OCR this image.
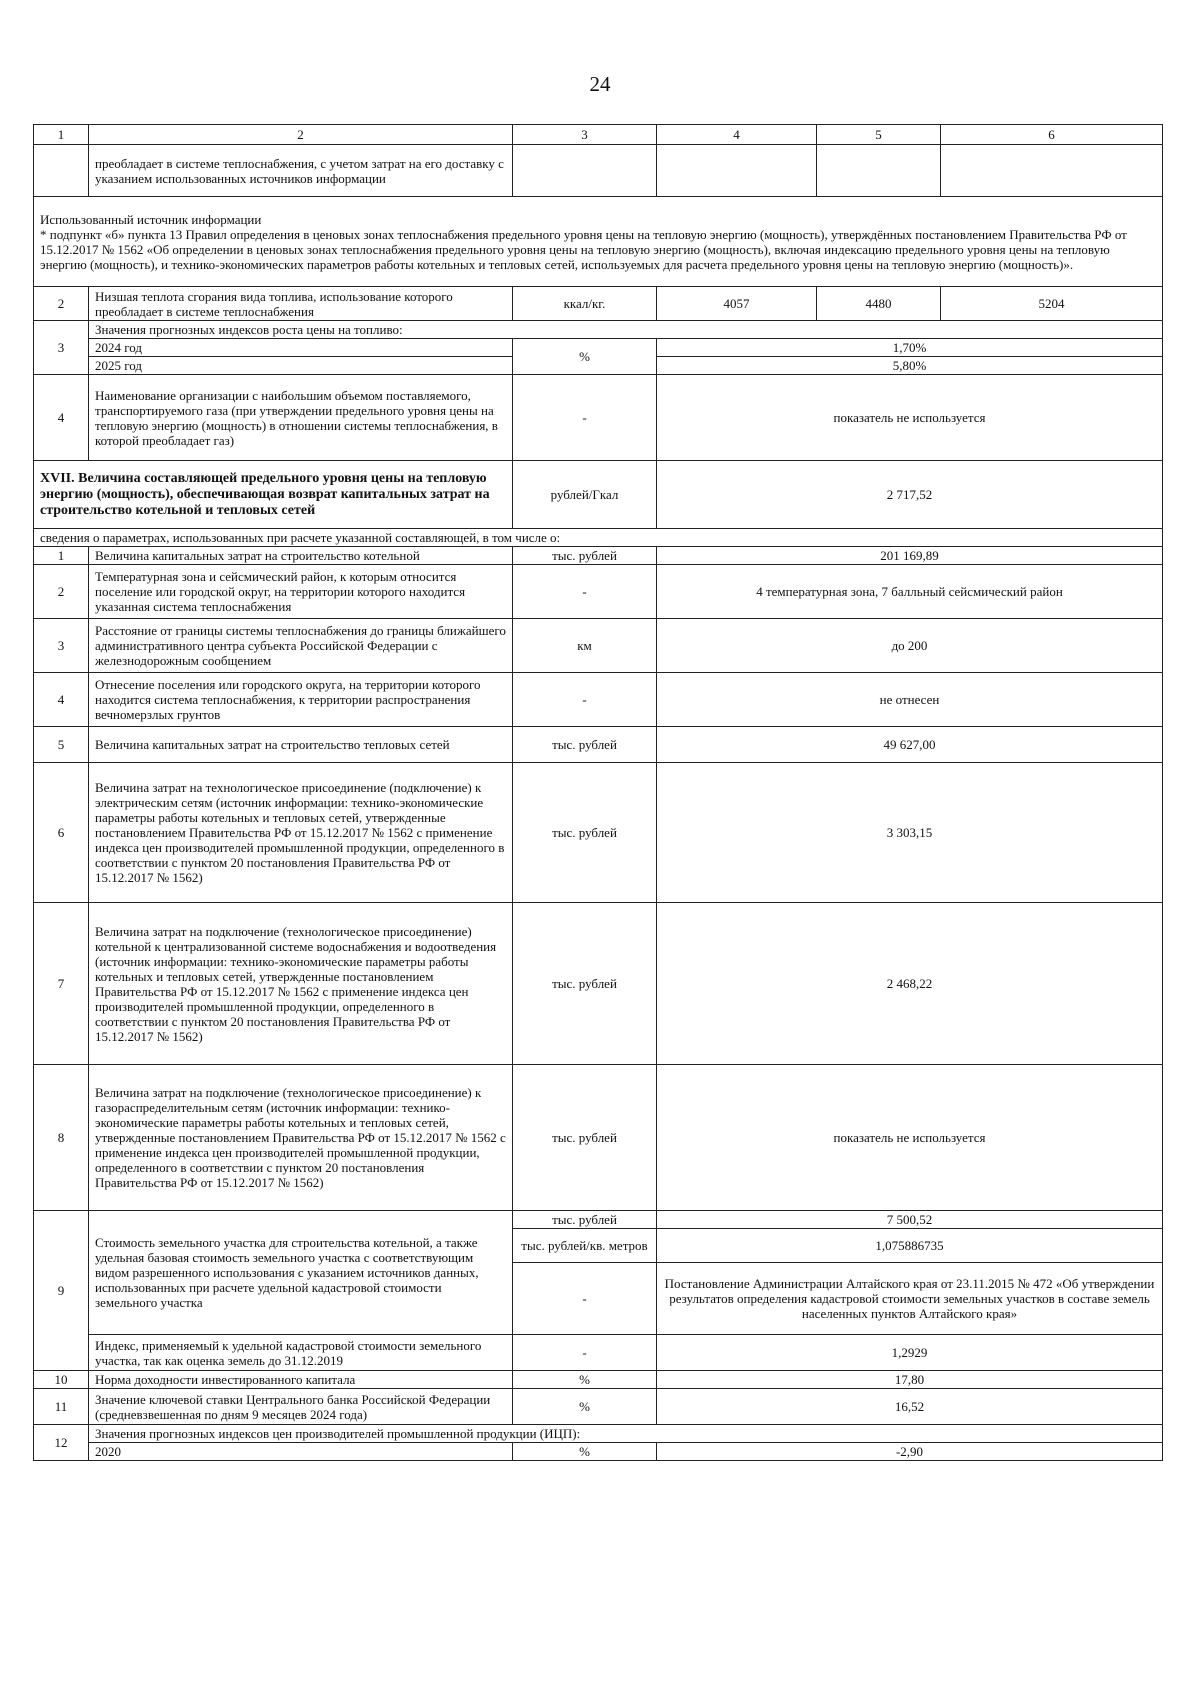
24
1	2	3	4	5	6
	преобладает в системе теплоснабжения, с учетом затрат на его доставку с указанием использованных источников информации				

Использованный источник информации
* подпункт «б» пункта 13 Правил определения в ценовых зонах теплоснабжения предельного уровня цены на тепловую энергию (мощность), утверждённых постановлением Правительства РФ от 15.12.2017 № 1562 «Об определении в ценовых зонах теплоснабжения предельного уровня цены на тепловую энергию (мощность), включая индексацию предельного уровня цены на тепловую энергию (мощность), и технико-экономических параметров работы котельных и тепловых сетей, используемых для расчета предельного уровня цены на тепловую энергию (мощность)».					

2	Низшая теплота сгорания вида топлива, использование которого преобладает в системе теплоснабжения	ккал/кг.	4057	4480	5204
3	Значения прогнозных индексов роста цены на топливо:				
	2024 год	%	1,70%		
	2025 год		5,80%		
4	Наименование организации с наибольшим объемом поставляемого, транспортируемого газа (при утверждении предельного уровня цены на тепловую энергию (мощность) в отношении системы теплоснабжения, в которой преобладает газ)	-	показатель не используется		
XVII. Величина составляющей предельного уровня цены на тепловую энергию (мощность), обеспечивающая возврат капитальных затрат на строительство котельной и тепловых сетей		рублей/Гкал	2 717,52		
сведения о параметрах, использованных при расчете указанной составляющей, в том числе о:					
1	Величина капитальных затрат на строительство котельной	тыс. рублей	201 169,89		
2	Температурная зона и сейсмический район, к которым относится поселение или городской округ, на территории которого находится указанная система теплоснабжения	-	4 температурная зона, 7 балльный сейсмический район		
3	Расстояние от границы системы теплоснабжения до границы ближайшего административного центра субъекта Российской Федерации с железнодорожным сообщением	км	до 200		
4	Отнесение поселения или городского округа, на территории которого находится система теплоснабжения, к территории распространения вечномерзлых грунтов	-	не отнесен		
5	Величина капитальных затрат на строительство тепловых сетей	тыс. рублей	49 627,00		
6	Величина затрат на технологическое присоединение (подключение) к электрическим сетям (источник информации: технико-экономические параметры работы котельных и тепловых сетей, утвержденные постановлением Правительства РФ от 15.12.2017 № 1562 с применение индекса цен производителей промышленной продукции, определенного в соответствии с пунктом 20 постановления Правительства РФ от 15.12.2017 № 1562)	тыс. рублей	3 303,15		
7	Величина затрат на подключение (технологическое присоединение) котельной к централизованной системе водоснабжения и водоотведения (источник информации: технико-экономические параметры работы котельных и тепловых сетей, утвержденные постановлением Правительства РФ от 15.12.2017 № 1562 с применение индекса цен производителей промышленной продукции, определенного в соответствии с пунктом 20 постановления Правительства РФ от 15.12.2017 № 1562)	тыс. рублей	2 468,22		
8	Величина затрат на подключение (технологическое присоединение) к газораспределительным сетям (источник информации: технико-экономические параметры работы котельных и тепловых сетей, утвержденные постановлением Правительства РФ от 15.12.2017 № 1562 с применение индекса цен производителей промышленной продукции, определенного в соответствии с пунктом 20 постановления Правительства РФ от 15.12.2017 № 1562)	тыс. рублей	показатель не используется		
9	Стоимость земельного участка для строительства котельной, а также удельная базовая стоимость земельного участка с соответствующим видом разрешенного использования с указанием источников данных, использованных при расчете удельной кадастровой стоимости земельного участка	тыс. рублей	7 500,52		
		тыс. рублей/кв. метров	1,075886735		
		-	Постановление Администрации Алтайского края от 23.11.2015 № 472 «Об утверждении результатов определения кадастровой стоимости земельных участков в составе земель населенных пунктов Алтайского края»		
	Индекс, применяемый к удельной кадастровой стоимости земельного участка, так как оценка земель до 31.12.2019	-	1,2929		
10	Норма доходности инвестированного капитала	%	17,80		
11	Значение ключевой ставки Центрального банка Российской Федерации (средневзвешенная по дням 9 месяцев 2024 года)	%	16,52		
12	Значения прогнозных индексов цен производителей промышленной продукции (ИЦП):				
	2020	%	-2,90		
